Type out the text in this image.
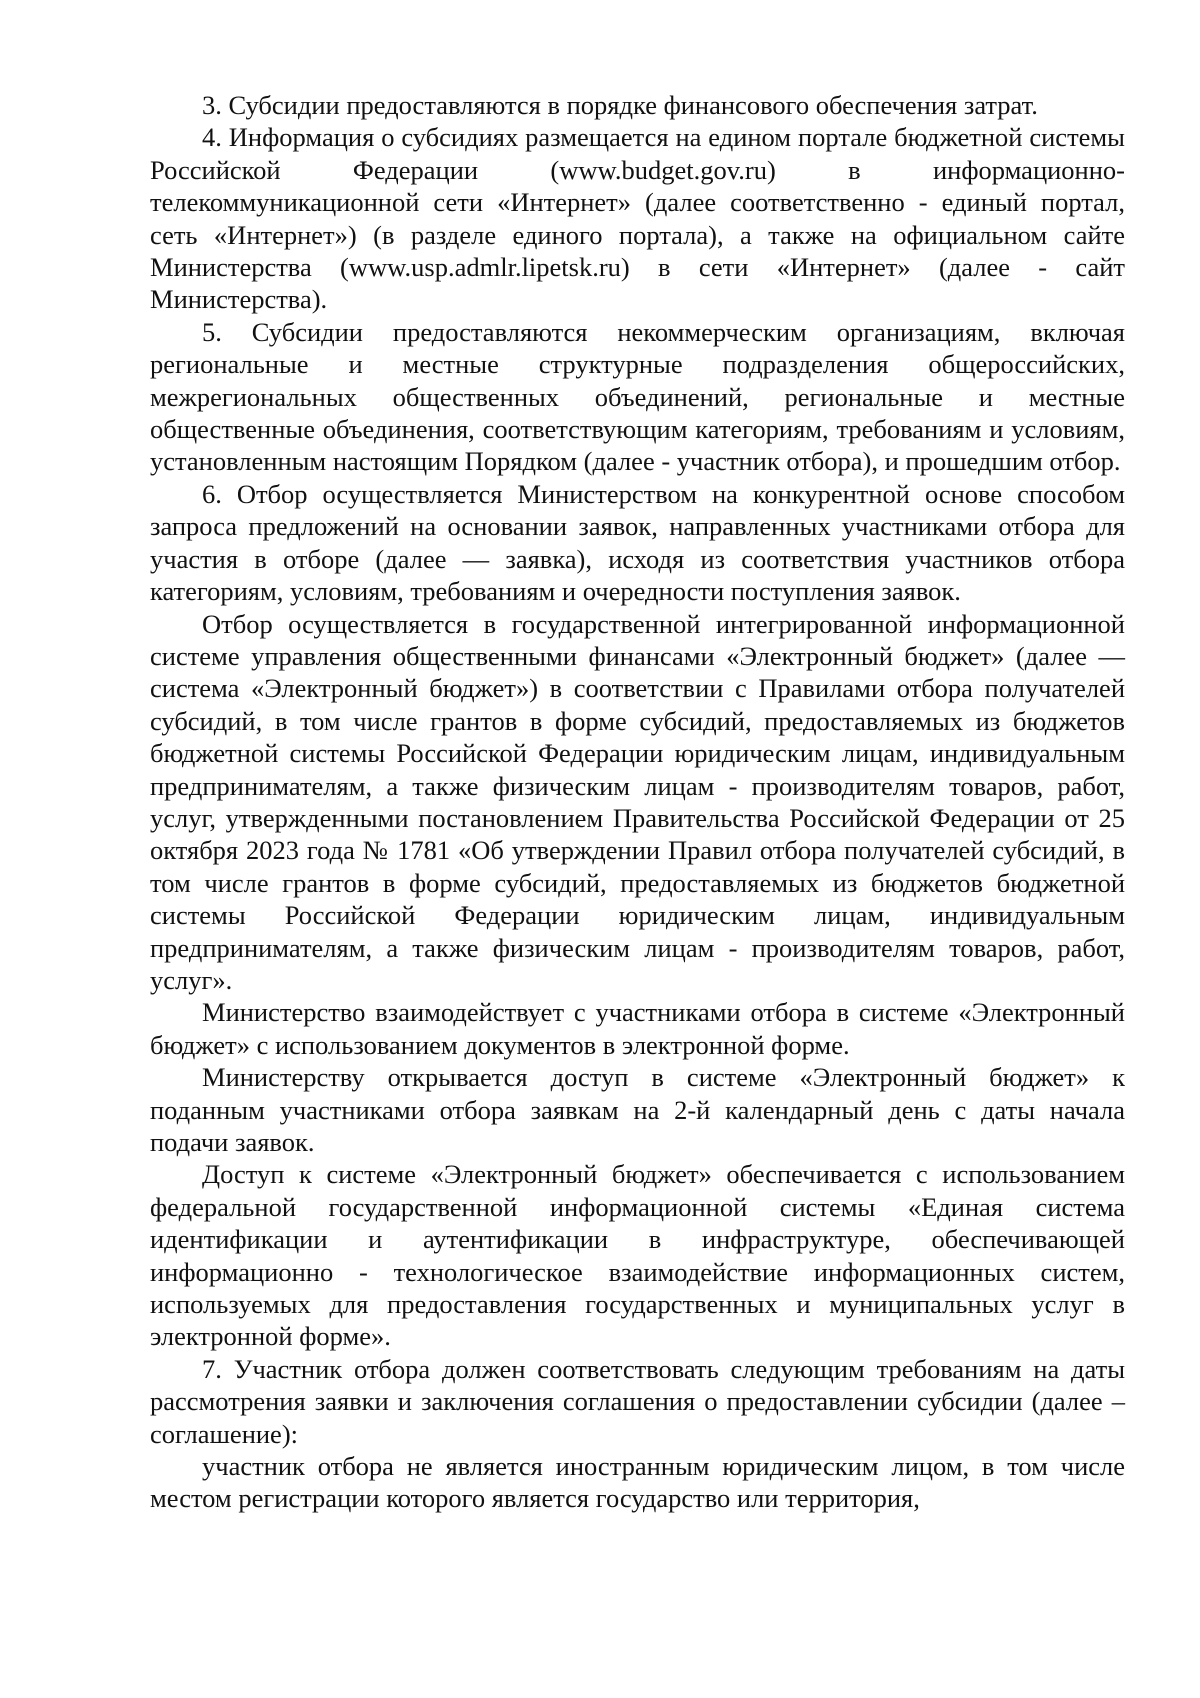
3. Субсидии предоставляются в порядке финансового обеспечения затрат.

4. Информация о субсидиях размещается на едином портале бюджетной системы Российской Федерации (www.budget.gov.ru) в информационно-телекоммуникационной сети «Интернет» (далее соответственно - единый портал, сеть «Интернет») (в разделе единого портала), а также на официальном сайте Министерства (www.usp.admlr.lipetsk.ru) в сети «Интернет» (далее - сайт Министерства).

5. Субсидии предоставляются некоммерческим организациям, включая региональные и местные структурные подразделения общероссийских, межрегиональных общественных объединений, региональные и местные общественные объединения, соответствующим категориям, требованиям и условиям, установленным настоящим Порядком (далее - участник отбора), и прошедшим отбор.

6. Отбор осуществляется Министерством на конкурентной основе способом запроса предложений на основании заявок, направленных участниками отбора для участия в отборе (далее — заявка), исходя из соответствия участников отбора категориям, условиям, требованиям и очередности поступления заявок.

Отбор осуществляется в государственной интегрированной информационной системе управления общественными финансами «Электронный бюджет» (далее — система «Электронный бюджет») в соответствии с Правилами отбора получателей субсидий, в том числе грантов в форме субсидий, предоставляемых из бюджетов бюджетной системы Российской Федерации юридическим лицам, индивидуальным предпринимателям, а также физическим лицам - производителям товаров, работ, услуг, утвержденными постановлением Правительства Российской Федерации от 25 октября 2023 года № 1781 «Об утверждении Правил отбора получателей субсидий, в том числе грантов в форме субсидий, предоставляемых из бюджетов бюджетной системы Российской Федерации юридическим лицам, индивидуальным предпринимателям, а также физическим лицам - производителям товаров, работ, услуг».

Министерство взаимодействует с участниками отбора в системе «Электронный бюджет» с использованием документов в электронной форме.

Министерству открывается доступ в системе «Электронный бюджет» к поданным участниками отбора заявкам на 2-й календарный день с даты начала подачи заявок.

Доступ к системе «Электронный бюджет» обеспечивается с использованием федеральной государственной информационной системы «Единая система идентификации и аутентификации в инфраструктуре, обеспечивающей информационно - технологическое взаимодействие информационных систем, используемых для предоставления государственных и муниципальных услуг в электронной форме».

7. Участник отбора должен соответствовать следующим требованиям на даты рассмотрения заявки и заключения соглашения о предоставлении субсидии (далее – соглашение):

участник отбора не является иностранным юридическим лицом, в том числе местом регистрации которого является государство или территория,
